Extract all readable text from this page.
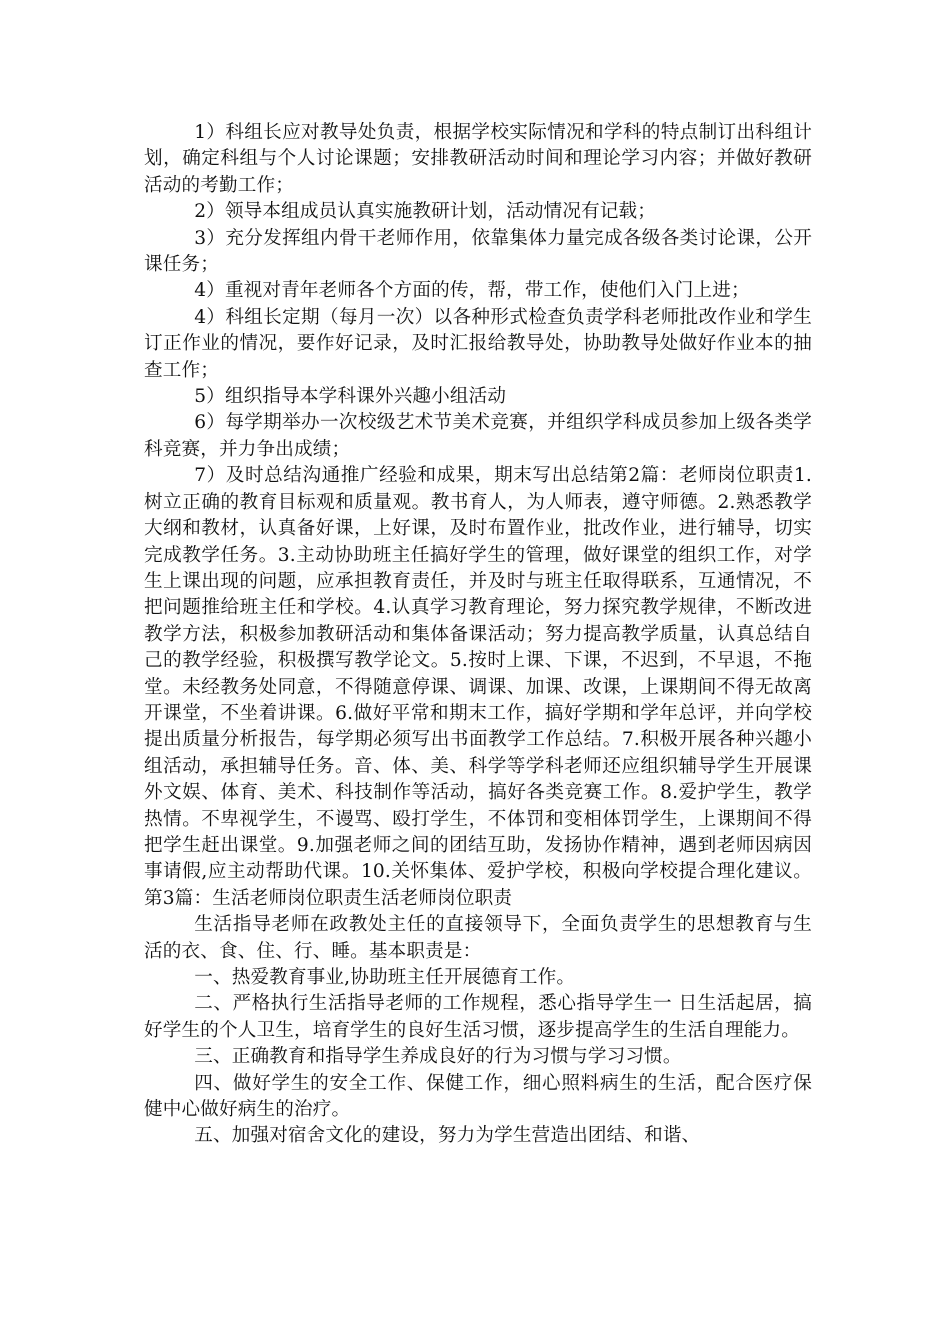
1）科组长应对教导处负责，根据学校实际情况和学科的特点制订出科组计划，确定科组与个人讨论课题；安排教研活动时间和理论学习内容；并做好教研活动的考勤工作；

2）领导本组成员认真实施教研计划，活动情况有记载；

3）充分发挥组内骨干老师作用，依靠集体力量完成各级各类讨论课，公开课任务；

4）重视对青年老师各个方面的传，帮，带工作，使他们入门上进；

4）科组长定期（每月一次）以各种形式检查负责学科老师批改作业和学生订正作业的情况，要作好记录，及时汇报给教导处，协助教导处做好作业本的抽查工作；

5）组织指导本学科课外兴趣小组活动

6）每学期举办一次校级艺术节美术竞赛，并组织学科成员参加上级各类学科竞赛，并力争出成绩；

7）及时总结沟通推广经验和成果，期末写出总结第2篇：老师岗位职责1.树立正确的教育目标观和质量观。教书育人，为人师表，遵守师德。2.熟悉教学大纲和教材，认真备好课，上好课，及时布置作业，批改作业，进行辅导，切实完成教学任务。3.主动协助班主任搞好学生的管理，做好课堂的组织工作，对学生上课出现的问题，应承担教育责任，并及时与班主任取得联系，互通情况，不把问题推给班主任和学校。4.认真学习教育理论，努力探究教学规律，不断改进教学方法，积极参加教研活动和集体备课活动；努力提高教学质量，认真总结自己的教学经验，积极撰写教学论文。5.按时上课、下课，不迟到，不早退，不拖堂。未经教务处同意，不得随意停课、调课、加课、改课，上课期间不得无故离开课堂，不坐着讲课。6.做好平常和期末工作，搞好学期和学年总评，并向学校提出质量分析报告，每学期必须写出书面教学工作总结。7.积极开展各种兴趣小组活动，承担辅导任务。音、体、美、科学等学科老师还应组织辅导学生开展课外文娱、体育、美术、科技制作等活动，搞好各类竞赛工作。8.爱护学生，教学热情。不卑视学生，不谩骂、殴打学生，不体罚和变相体罚学生，上课期间不得把学生赶出课堂。9.加强老师之间的团结互助，发扬协作精神，遇到老师因病因事请假,应主动帮助代课。10.关怀集体、爱护学校，积极向学校提合理化建议。第3篇：生活老师岗位职责生活老师岗位职责

生活指导老师在政教处主任的直接领导下，全面负责学生的思想教育与生活的衣、食、住、行、睡。基本职责是：

一、热爱教育事业,协助班主任开展德育工作。

二、严格执行生活指导老师的工作规程，悉心指导学生一 日生活起居，搞好学生的个人卫生，培育学生的良好生活习惯，逐步提高学生的生活自理能力。

三、正确教育和指导学生养成良好的行为习惯与学习习惯。

四、做好学生的安全工作、保健工作，细心照料病生的生活，配合医疗保健中心做好病生的治疗。

五、加强对宿舍文化的建设，努力为学生营造出团结、和谐、
